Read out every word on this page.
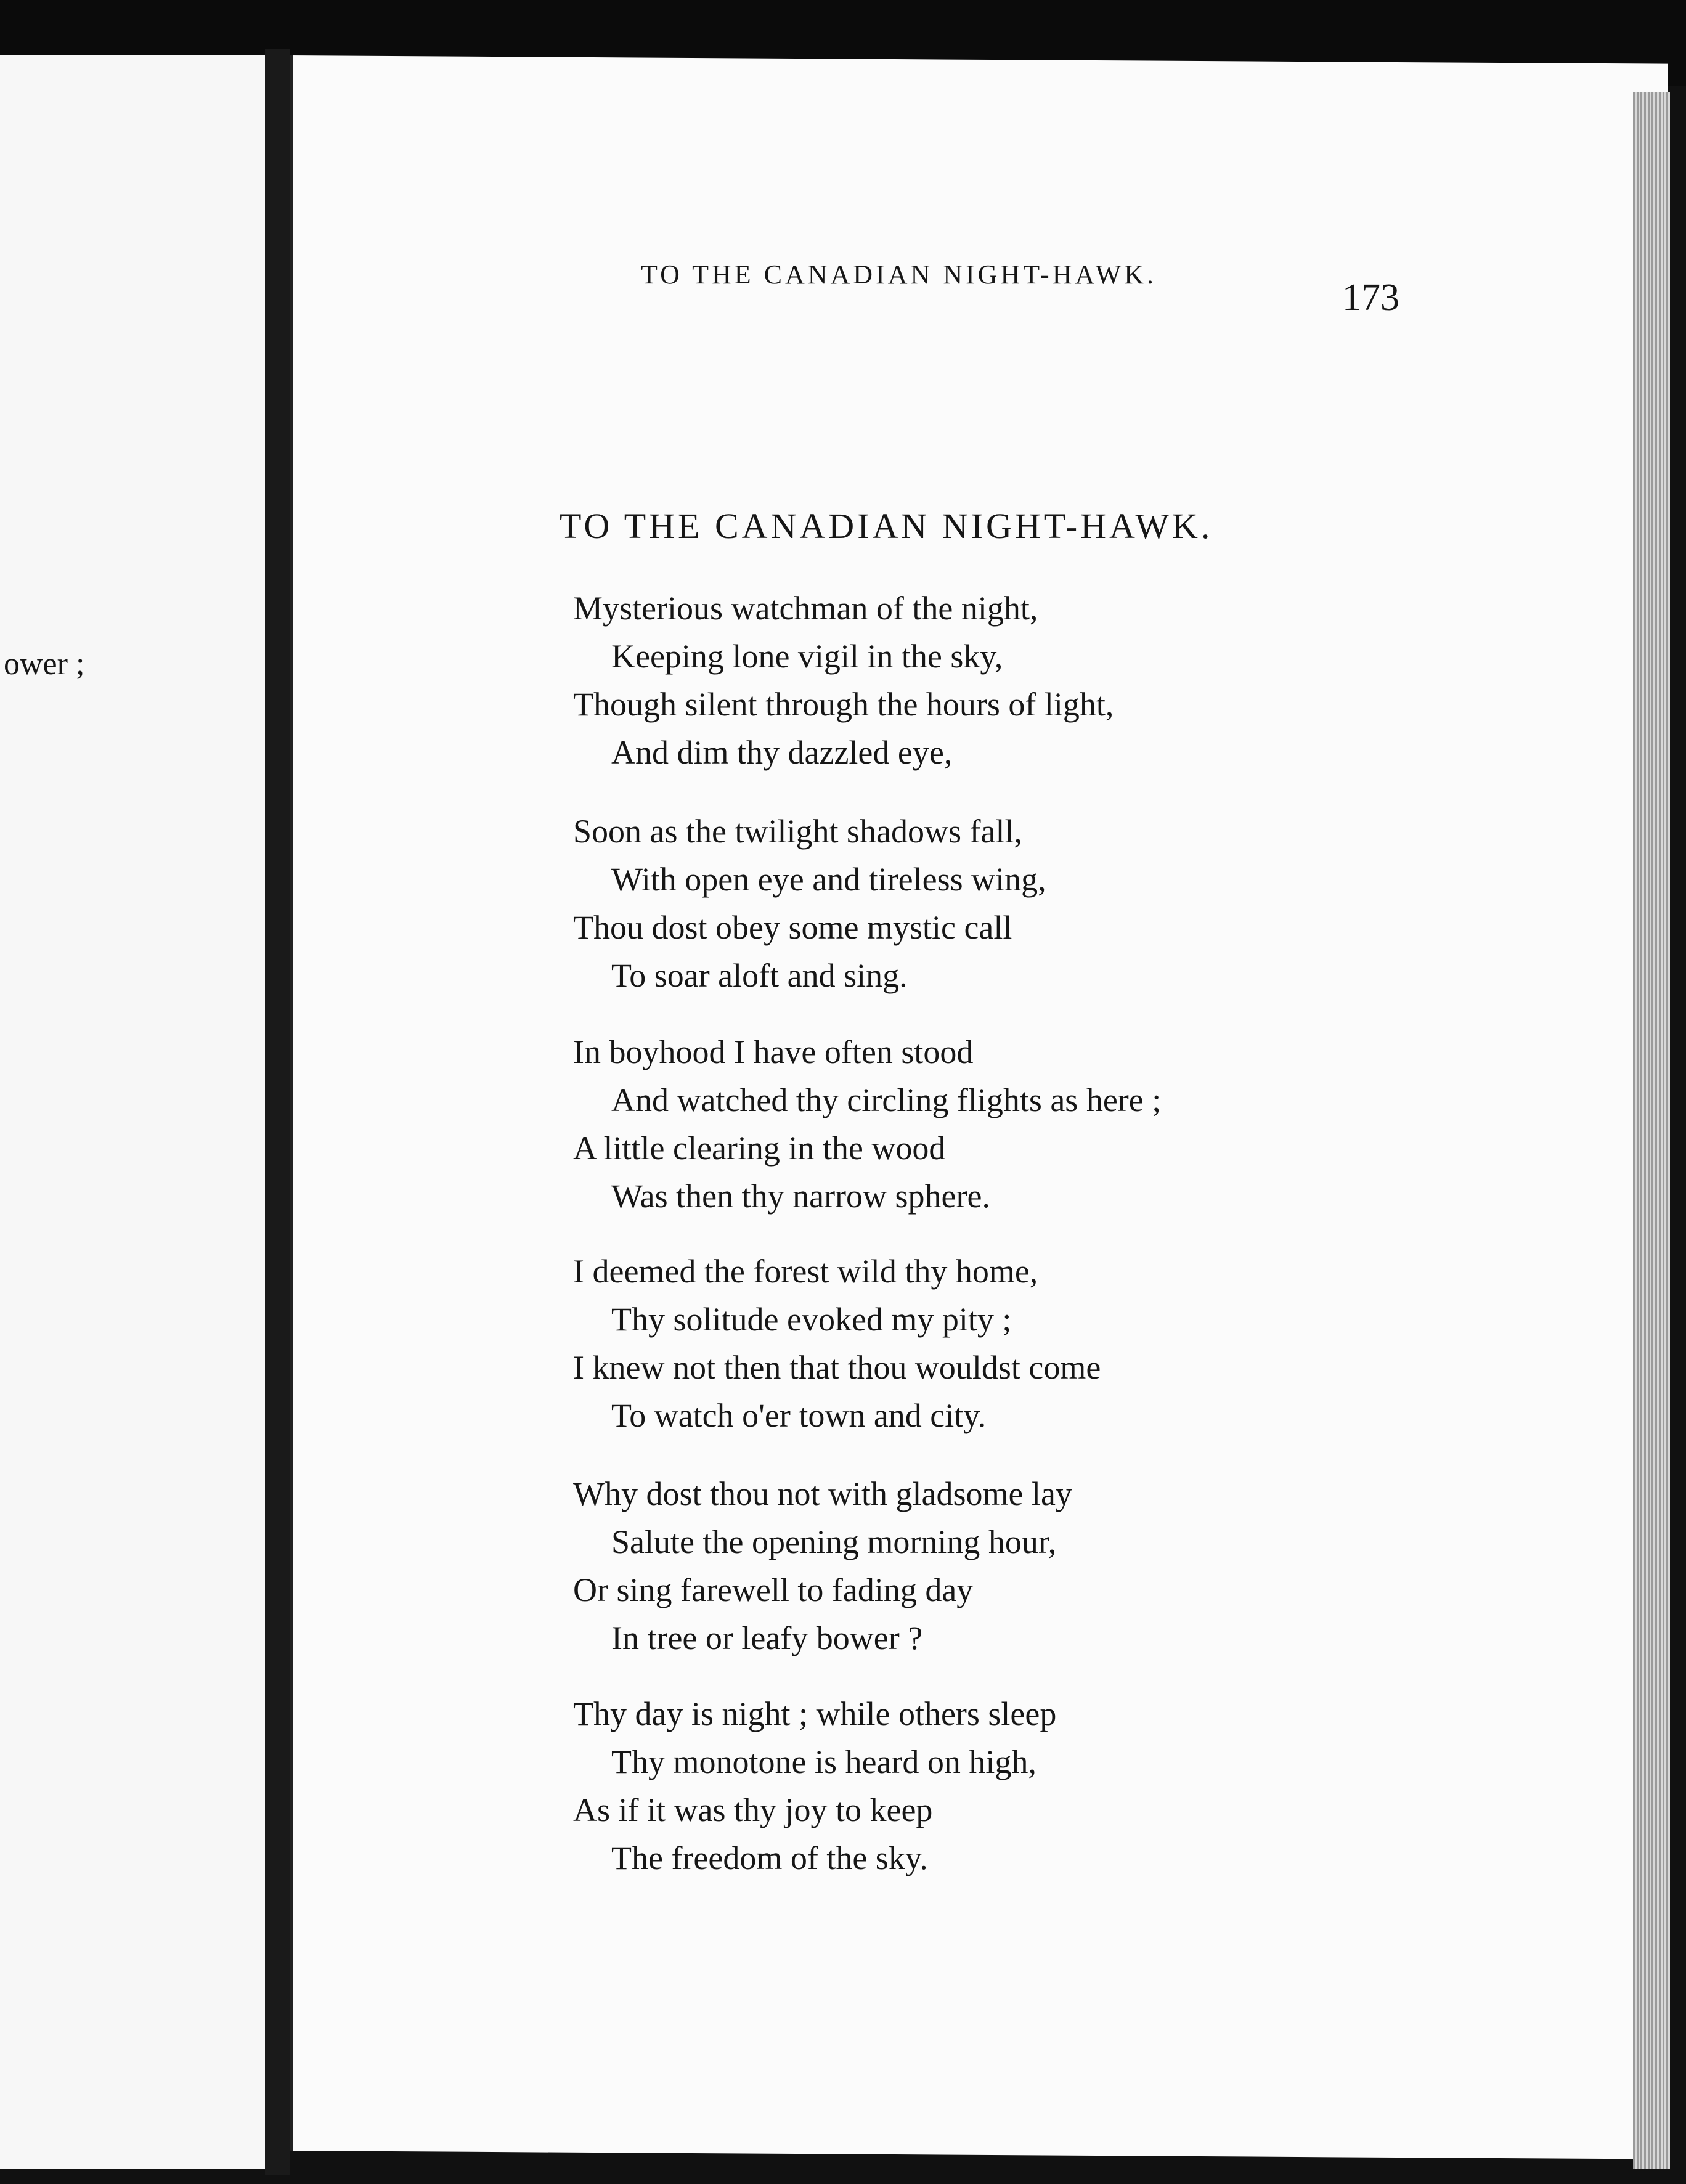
ower ;
TO THE CANADIAN NIGHT-HAWK.
173
TO THE CANADIAN NIGHT-HAWK.
Mysterious watchman of the night,
Keeping lone vigil in the sky,
Though silent through the hours of light,
And dim thy dazzled eye,
Soon as the twilight shadows fall,
With open eye and tireless wing,
Thou dost obey some mystic call
To soar aloft and sing.
In boyhood I have often stood
And watched thy circling flights as here ;
A little clearing in the wood
Was then thy narrow sphere.
I deemed the forest wild thy home,
Thy solitude evoked my pity ;
I knew not then that thou wouldst come
To watch o'er town and city.
Why dost thou not with gladsome lay
Salute the opening morning hour,
Or sing farewell to fading day
In tree or leafy bower ?
Thy day is night ; while others sleep
Thy monotone is heard on high,
As if it was thy joy to keep
The freedom of the sky.
